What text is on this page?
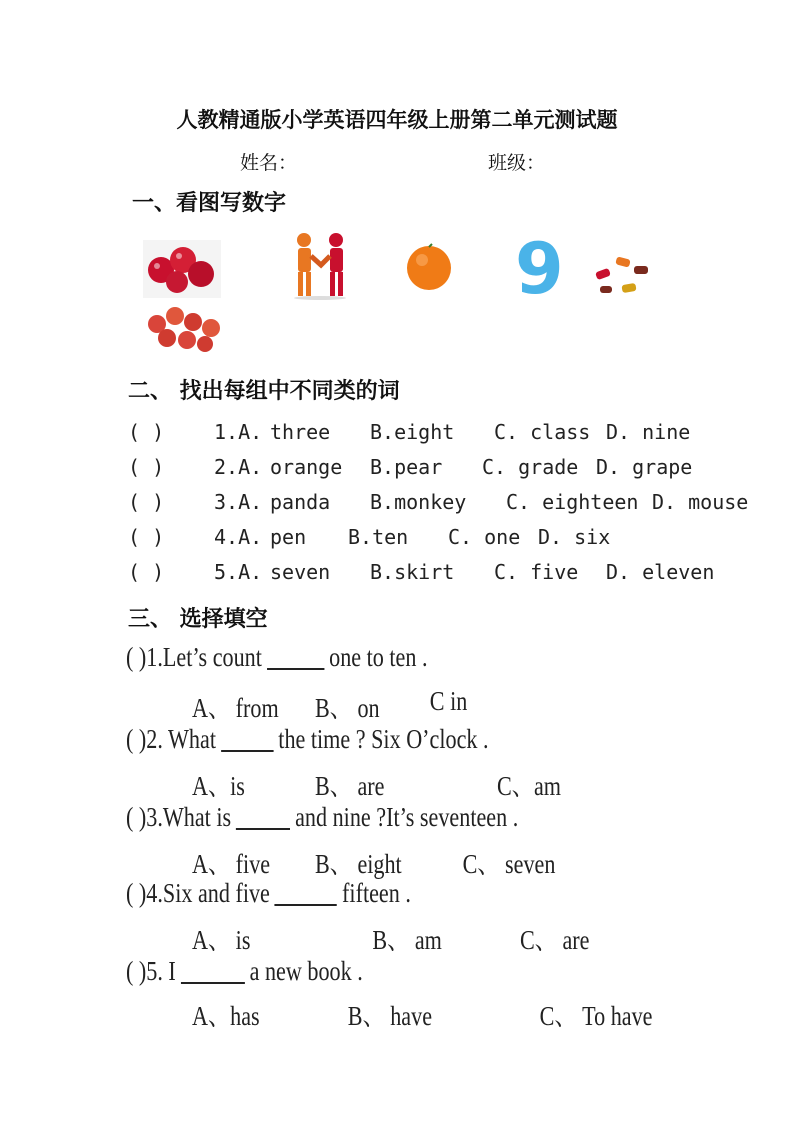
人教精通版小学英语四年级上册第二单元测试题
姓名：	班级：
一、看图写数字
9
二、 找出每组中不同类的词
( ) 1.A. three B.eight C. class D. nine
( ) 2.A. orange B.pear C. grade D. grape
( ) 3.A. panda B.monkey C. eighteen D. mouse
( ) 4.A. pen B.ten C. one D. six
( ) 5.A. seven B.skirt C. five D. eleven
三、 选择填空
( )1.Let’s count one to ten .
A、 from B、 on C in
( )2. What the time ? Six O’clock .
A、is	B、 are	C、am
( )3.What is and nine ?It’s seventeen .
A、 five B、 eight C、 seven
( )4.Six and five	fifteen .
A、 is	B、 am	C、 are
( )5. I	a new book .
A、has	B、 have	C、 To have
